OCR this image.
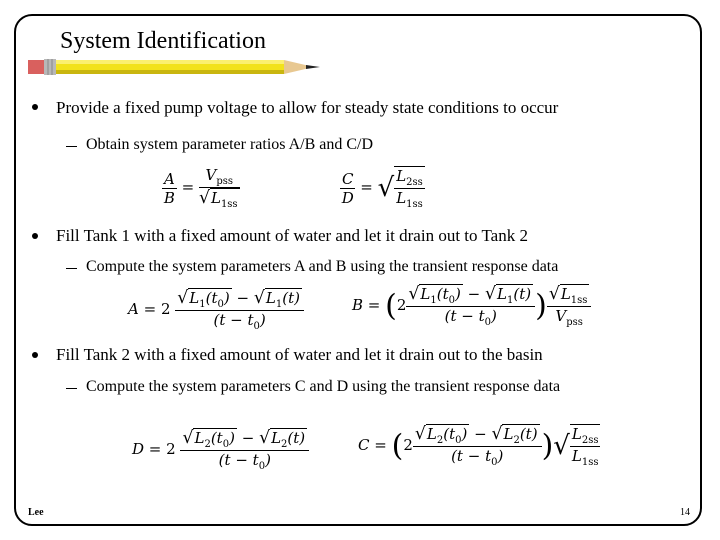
System Identification
Provide a fixed pump voltage to allow for steady state conditions to occur
Obtain system parameter ratios A/B and C/D
$\frac{A}{B} = \frac{V_{pss}}{√L_{1ss}}$	$\frac{C}{D}$ = √ $\frac{L_{2ss}}{L_{1ss}}$
Fill Tank 1 with a fixed amount of water and let it drain out to Tank 2
Compute the system parameters A and B using the transient response data
$A = 2 \frac{√L_1(t_0) - √L_1(t)}{(t - t_0)}$	$B = (2 \frac{√L_1(t_0) - √L_1(t)}{(t - t_0)}$ ) $\frac{√L_{1ss}}{V_{pss}}$
Fill Tank 2 with a fixed amount of water and let it drain out to the basin
Compute the system parameters C and D using the transient response data
$D = 2 \frac{√L_2(t_0) - √L_2(t)}{(t - t_0)}$	$C = (2 \frac{√L_2(t_0) - √L_2(t)}{(t - t_0)}$ )√ $\frac{L_{2ss}}{L_{1ss}}$
Lee	14
